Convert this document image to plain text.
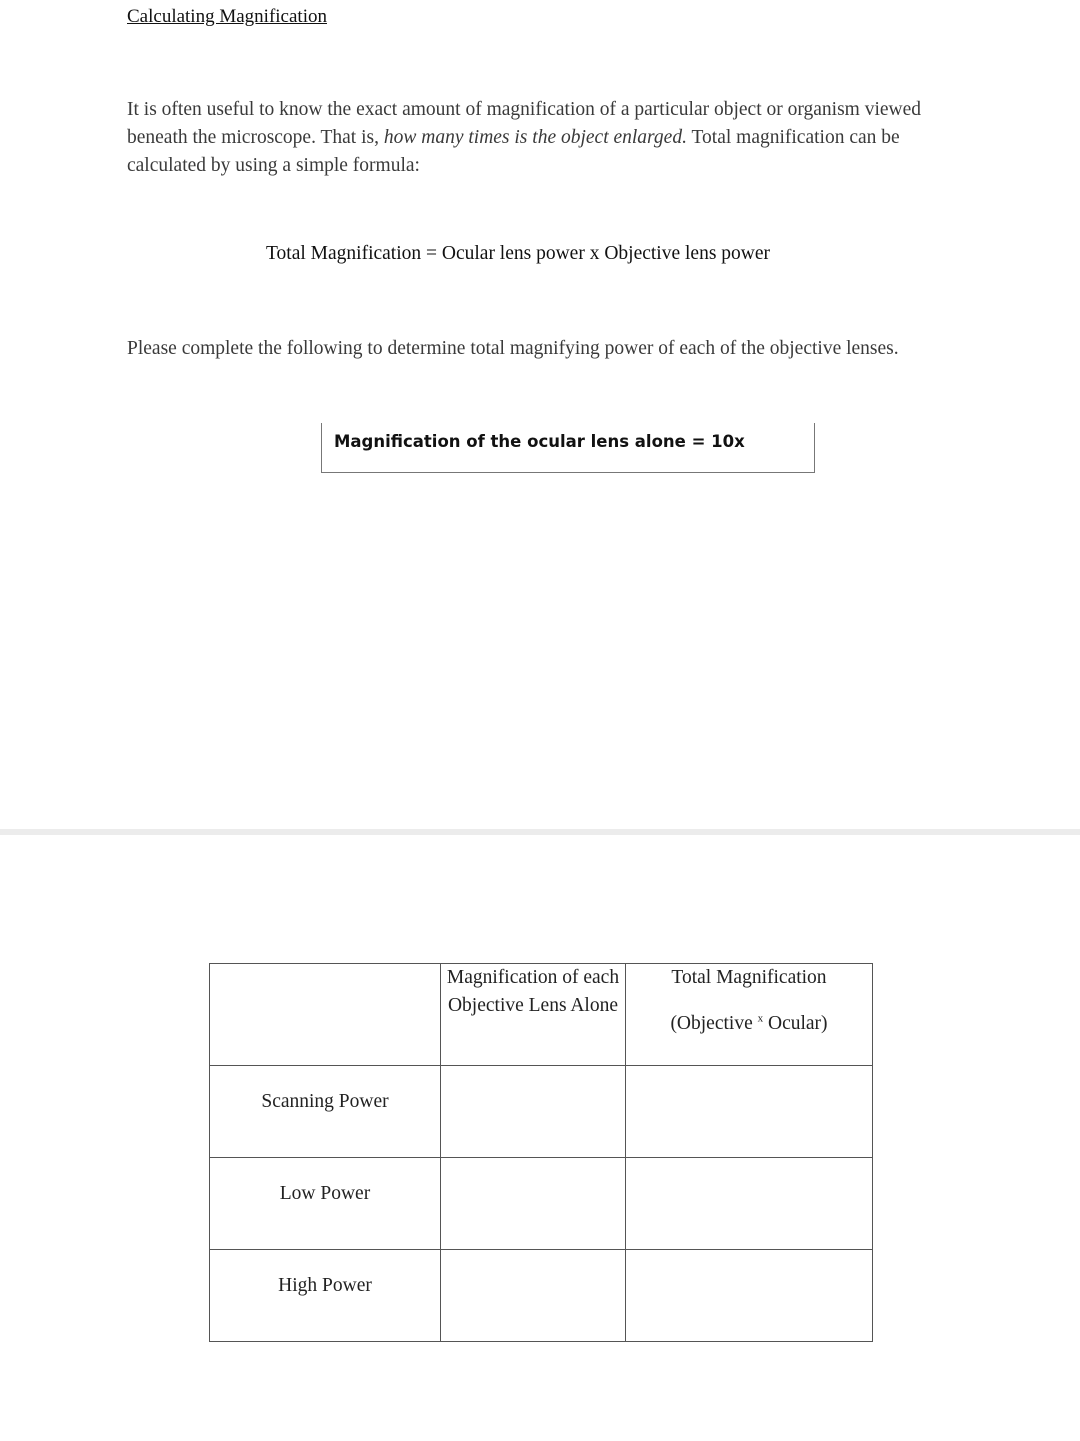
Calculating Magnification
It is often useful to know the exact amount of magnification of a particular object or organism viewed beneath the microscope. That is, how many times is the object enlarged. Total magnification can be calculated by using a simple formula:
Total Magnification = Ocular lens power x Objective lens power
Please complete the following to determine total magnifying power of each of the objective lenses.
Magnification of the ocular lens alone = 10x

	Magnification of each Objective Lens Alone	Total Magnification
(Objective $^x$ Ocular)

Scanning Power		

Low Power		

High Power		
